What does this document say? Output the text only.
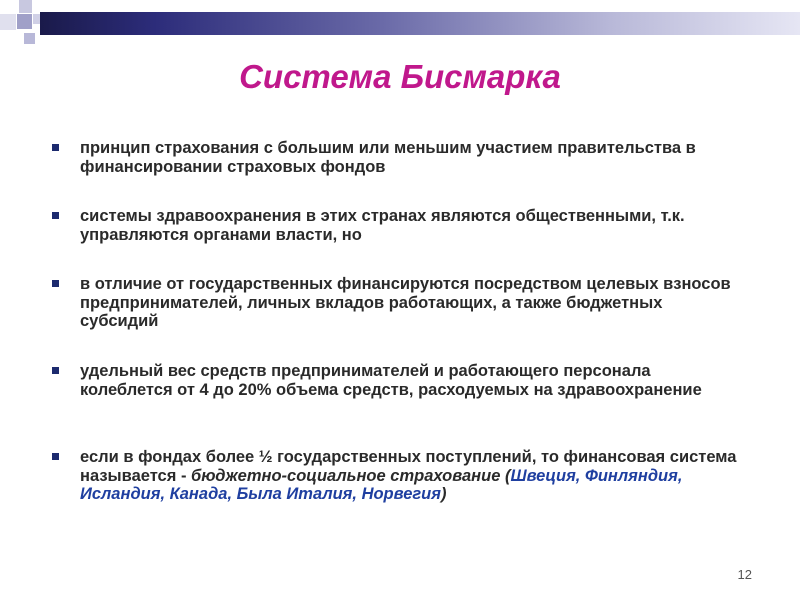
Система Бисмарка
принцип страхования с большим или меньшим участием правительства в финансировании страховых фондов
системы здравоохранения в этих странах являются общественными, т.к. управляются органами власти, но
в отличие от государственных финансируются посредством целевых взносов предпринимателей, личных вкладов работающих, а также бюджетных субсидий
удельный вес средств предпринимателей и работающего персонала колеблется от 4 до 20% объема средств, расходуемых на здравоохранение
если в фондах более ½ государственных поступлений, то финансовая система называется - бюджетно-социальное страхование (Швеция, Финляндия, Исландия, Канада, Была Италия, Норвегия)
12
